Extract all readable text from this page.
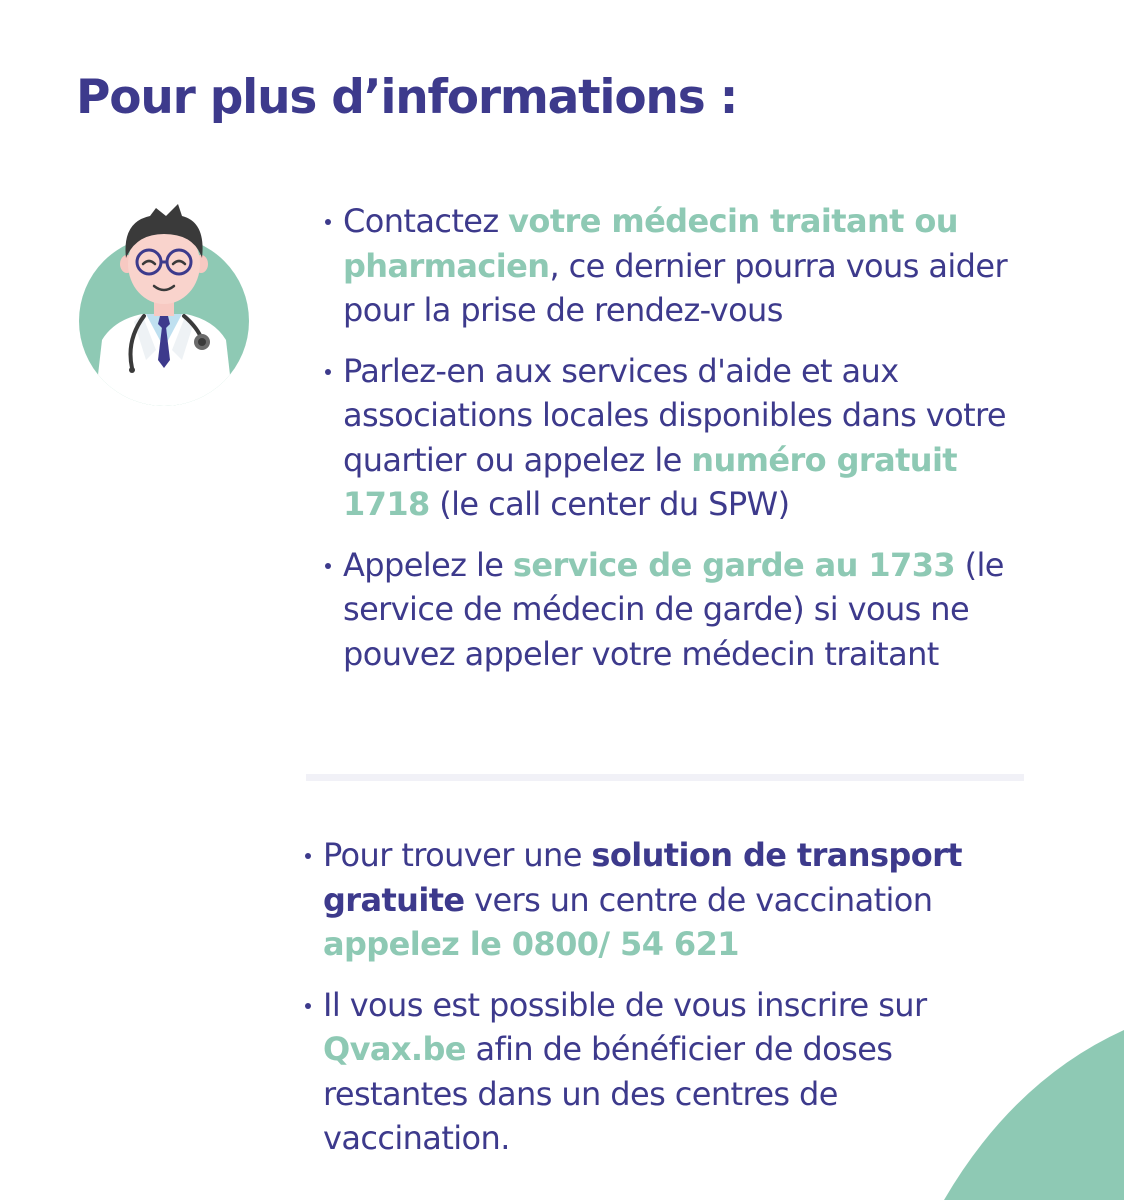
Pour plus d’informations :
Contactez votre médecin traitant ou pharmacien, ce dernier pourra vous aider pour la prise de rendez-vous
Parlez-en aux services d'aide et aux associations locales disponibles dans votre quartier ou appelez le numéro gratuit 1718 (le call center du SPW)
Appelez le service de garde au 1733 (le service de médecin de garde) si vous ne pouvez appeler votre médecin traitant
Pour trouver une solution de transport gratuite vers un centre de vaccination appelez le 0800/ 54 621
Il vous est possible de vous inscrire sur Qvax.be afin de bénéficier de doses restantes dans un des centres de vaccination.
